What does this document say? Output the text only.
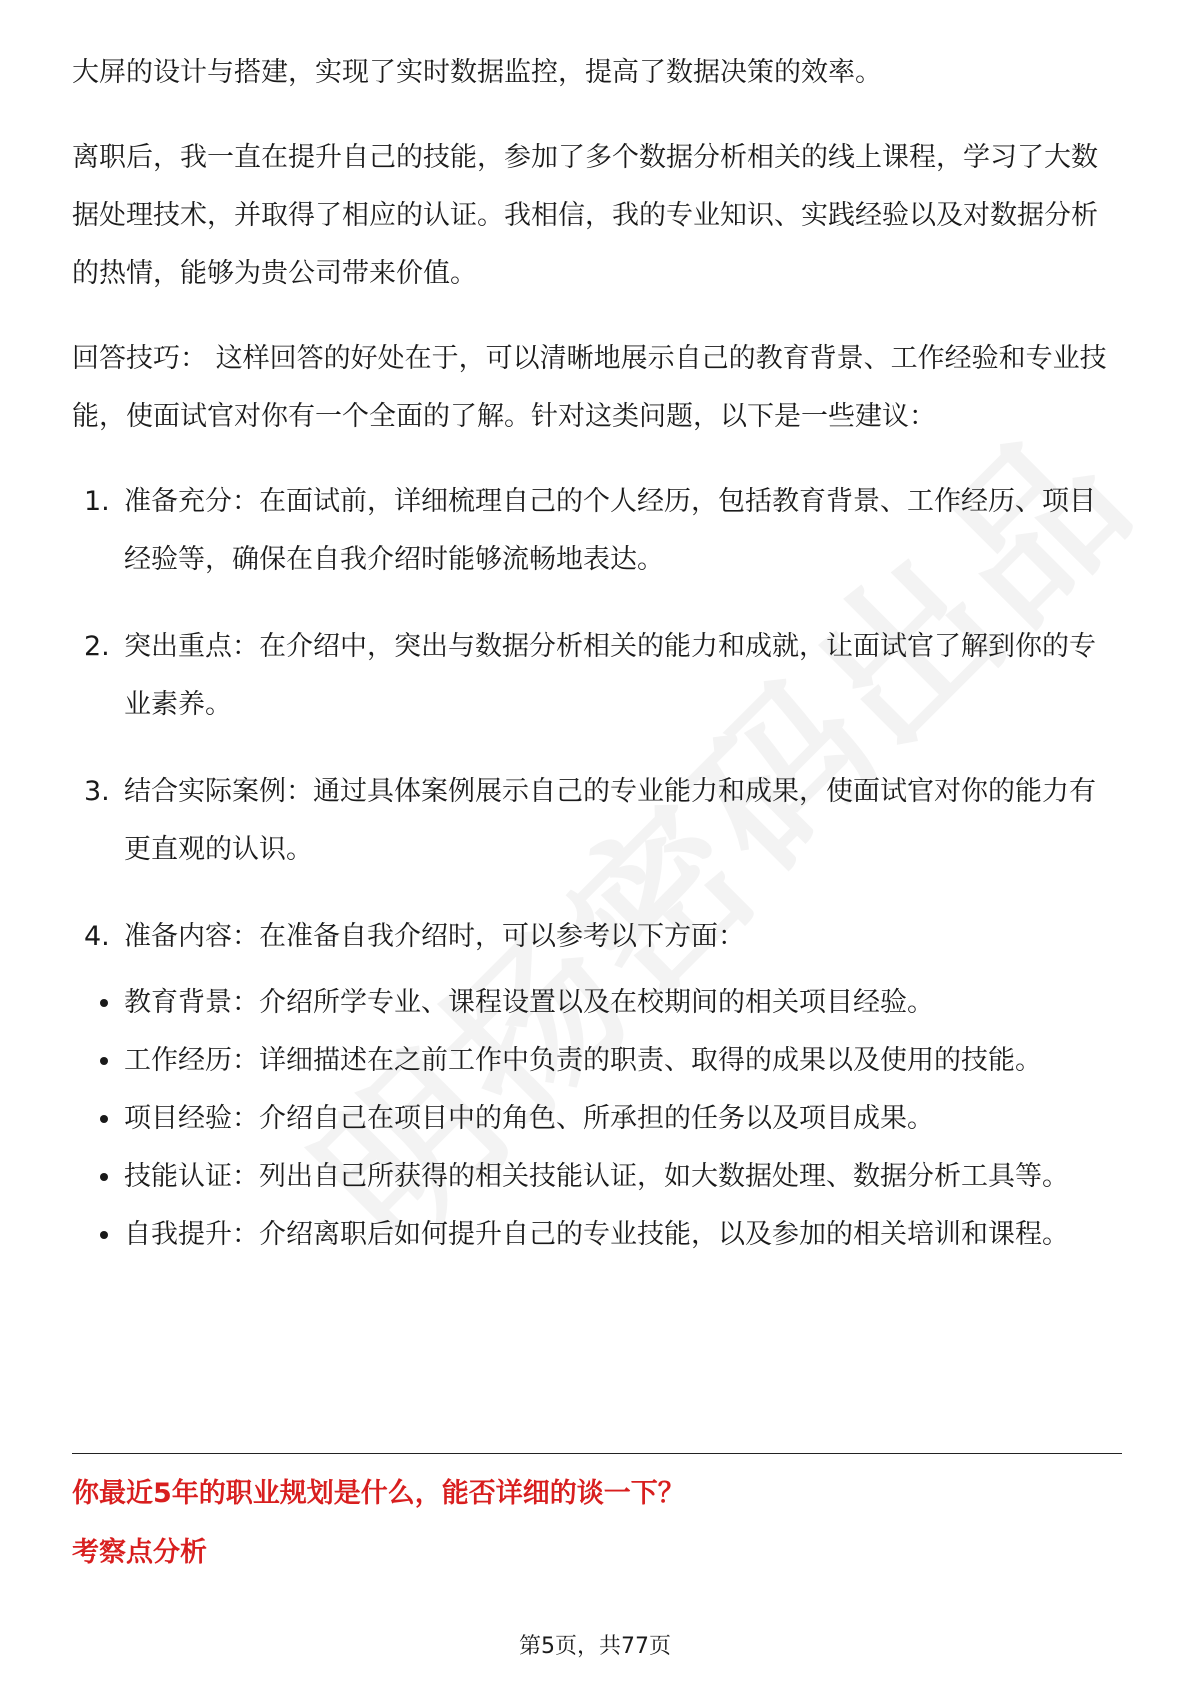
大屏的设计与搭建，实现了实时数据监控，提高了数据决策的效率。

离职后，我一直在提升自己的技能，参加了多个数据分析相关的线上课程，学习了大数据处理技术，并取得了相应的认证。我相信，我的专业知识、实践经验以及对数据分析的热情，能够为贵公司带来价值。

回答技巧： 这样回答的好处在于，可以清晰地展示自己的教育背景、工作经验和专业技能，使面试官对你有一个全面的了解。针对这类问题，以下是一些建议：

1. 准备充分：在面试前，详细梳理自己的个人经历，包括教育背景、工作经历、项目经验等，确保在自我介绍时能够流畅地表达。
2. 突出重点：在介绍中，突出与数据分析相关的能力和成就，让面试官了解到你的专业素养。
3. 结合实际案例：通过具体案例展示自己的专业能力和成果，使面试官对你的能力有更直观的认识。
4. 准备内容：在准备自我介绍时，可以参考以下方面：
教育背景：介绍所学专业、课程设置以及在校期间的相关项目经验。
工作经历：详细描述在之前工作中负责的职责、取得的成果以及使用的技能。
项目经验：介绍自己在项目中的角色、所承担的任务以及项目成果。
技能认证：列出自己所获得的相关技能认证，如大数据处理、数据分析工具等。
自我提升：介绍离职后如何提升自己的专业技能，以及参加的相关培训和课程。
你最近5年的职业规划是什么，能否详细的谈一下？
考察点分析
第5页，共77页
